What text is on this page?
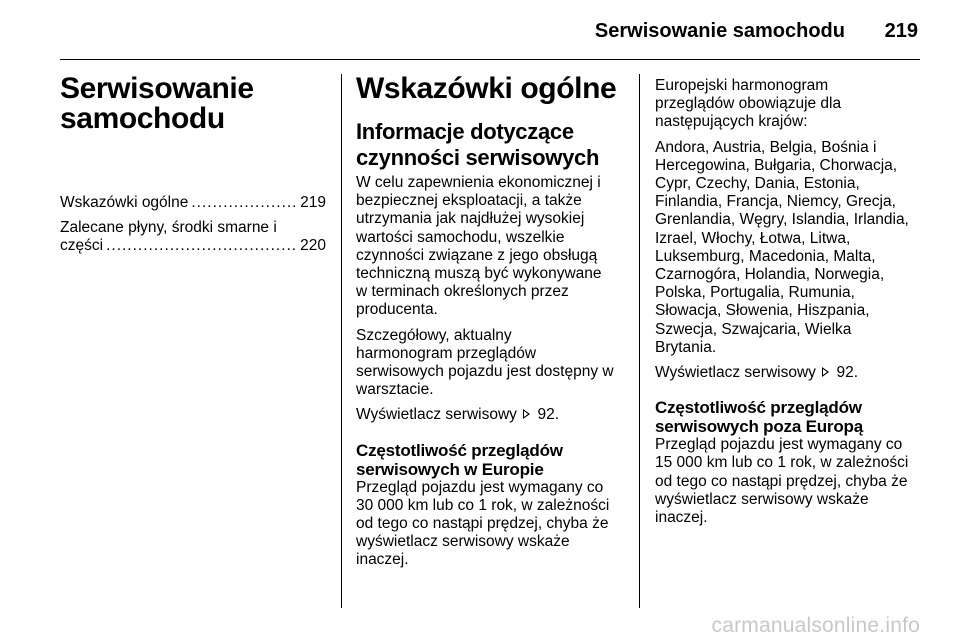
Serwisowanie samochodu 219
Serwisowanie
samochodu
Wskazówki ogólne .....	219
Zalecane płyny, środki smarne i
części .....	220
Wskazówki ogólne
Informacje dotyczące
czynności serwisowych

W celu zapewnienia ekonomicznej i
bezpiecznej eksploatacji, a także
utrzymania jak najdłużej wysokiej
wartości samochodu, wszelkie
czynności związane z jego obsługą
techniczną muszą być wykonywane
w terminach określonych przez
producenta.

Szczegółowy, aktualny
harmonogram przeglądów
serwisowych pojazdu jest dostępny w
warsztacie.

Wyświetlacz serwisowy 92.

Częstotliwość przeglądów
serwisowych w Europie

Przegląd pojazdu jest wymagany co
30 000 km lub co 1 rok, w zależności
od tego co nastąpi prędzej, chyba że
wyświetlacz serwisowy wskaże
inaczej.

Europejski harmonogram
przeglądów obowiązuje dla
następujących krajów:

Andora, Austria, Belgia, Bośnia i
Hercegowina, Bułgaria, Chorwacja,
Cypr, Czechy, Dania, Estonia,
Finlandia, Francja, Niemcy, Grecja,
Grenlandia, Węgry, Islandia, Irlandia,
Izrael, Włochy, Łotwa, Litwa,
Luksemburg, Macedonia, Malta,
Czarnogóra, Holandia, Norwegia,
Polska, Portugalia, Rumunia,
Słowacja, Słowenia, Hiszpania,
Szwecja, Szwajcaria, Wielka
Brytania.

Wyświetlacz serwisowy 92.

Częstotliwość przeglądów
serwisowych poza Europą

Przegląd pojazdu jest wymagany co
15 000 km lub co 1 rok, w zależności
od tego co nastąpi prędzej, chyba że
wyświetlacz serwisowy wskaże
inaczej.

carmanualsonline.info
